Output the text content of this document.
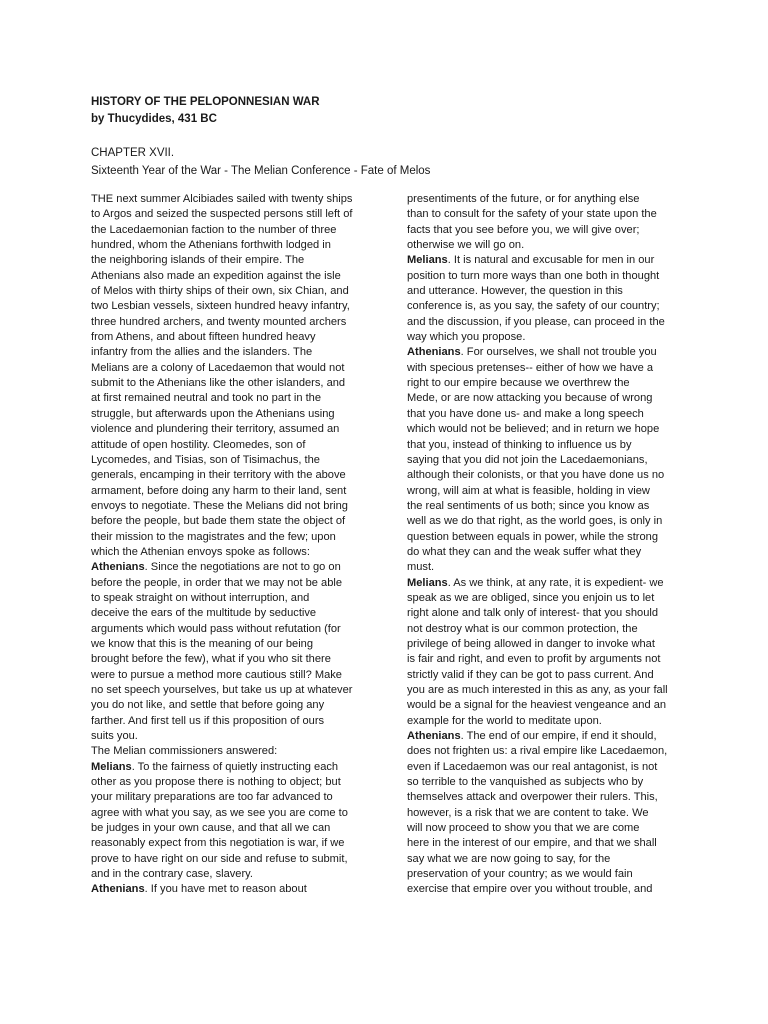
HISTORY OF THE PELOPONNESIAN WAR
by Thucydides, 431 BC
CHAPTER XVII.
Sixteenth Year of the War - The Melian Conference - Fate of Melos
THE next summer Alcibiades sailed with twenty ships
to Argos and seized the suspected persons still left of
the Lacedaemonian faction to the number of three
hundred, whom the Athenians forthwith lodged in
the neighboring islands of their empire. The
Athenians also made an expedition against the isle
of Melos with thirty ships of their own, six Chian, and
two Lesbian vessels, sixteen hundred heavy infantry,
three hundred archers, and twenty mounted archers
from Athens, and about fifteen hundred heavy
infantry from the allies and the islanders. The
Melians are a colony of Lacedaemon that would not
submit to the Athenians like the other islanders, and
at first remained neutral and took no part in the
struggle, but afterwards upon the Athenians using
violence and plundering their territory, assumed an
attitude of open hostility. Cleomedes, son of
Lycomedes, and Tisias, son of Tisimachus, the
generals, encamping in their territory with the above
armament, before doing any harm to their land, sent
envoys to negotiate. These the Melians did not bring
before the people, but bade them state the object of
their mission to the magistrates and the few; upon
which the Athenian envoys spoke as follows:
Athenians. Since the negotiations are not to go on
before the people, in order that we may not be able
to speak straight on without interruption, and
deceive the ears of the multitude by seductive
arguments which would pass without refutation (for
we know that this is the meaning of our being
brought before the few), what if you who sit there
were to pursue a method more cautious still? Make
no set speech yourselves, but take us up at whatever
you do not like, and settle that before going any
farther. And first tell us if this proposition of ours
suits you.
The Melian commissioners answered:
Melians. To the fairness of quietly instructing each
other as you propose there is nothing to object; but
your military preparations are too far advanced to
agree with what you say, as we see you are come to
be judges in your own cause, and that all we can
reasonably expect from this negotiation is war, if we
prove to have right on our side and refuse to submit,
and in the contrary case, slavery.
Athenians. If you have met to reason about
presentiments of the future, or for anything else
than to consult for the safety of your state upon the
facts that you see before you, we will give over;
otherwise we will go on.
Melians. It is natural and excusable for men in our
position to turn more ways than one both in thought
and utterance. However, the question in this
conference is, as you say, the safety of our country;
and the discussion, if you please, can proceed in the
way which you propose.
Athenians. For ourselves, we shall not trouble you
with specious pretenses-- either of how we have a
right to our empire because we overthrew the
Mede, or are now attacking you because of wrong
that you have done us- and make a long speech
which would not be believed; and in return we hope
that you, instead of thinking to influence us by
saying that you did not join the Lacedaemonians,
although their colonists, or that you have done us no
wrong, will aim at what is feasible, holding in view
the real sentiments of us both; since you know as
well as we do that right, as the world goes, is only in
question between equals in power, while the strong
do what they can and the weak suffer what they
must.
Melians. As we think, at any rate, it is expedient- we
speak as we are obliged, since you enjoin us to let
right alone and talk only of interest- that you should
not destroy what is our common protection, the
privilege of being allowed in danger to invoke what
is fair and right, and even to profit by arguments not
strictly valid if they can be got to pass current. And
you are as much interested in this as any, as your fall
would be a signal for the heaviest vengeance and an
example for the world to meditate upon.
Athenians. The end of our empire, if end it should,
does not frighten us: a rival empire like Lacedaemon,
even if Lacedaemon was our real antagonist, is not
so terrible to the vanquished as subjects who by
themselves attack and overpower their rulers. This,
however, is a risk that we are content to take. We
will now proceed to show you that we are come
here in the interest of our empire, and that we shall
say what we are now going to say, for the
preservation of your country; as we would fain
exercise that empire over you without trouble, and
